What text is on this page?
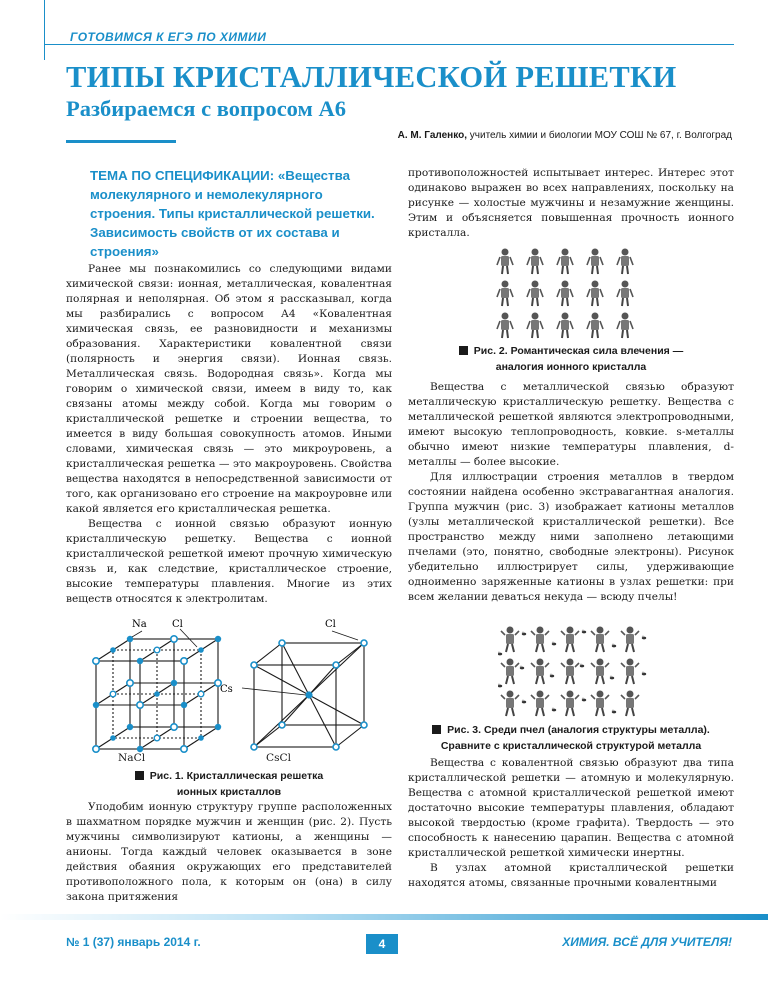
ГОТОВИМСЯ К ЕГЭ ПО ХИМИИ
ТИПЫ КРИСТАЛЛИЧЕСКОЙ РЕШЕТКИ
Разбираемся с вопросом А6
А. М. Галенко, учитель химии и биологии МОУ СОШ № 67, г. Волгоград
ТЕМА ПО СПЕЦИФИКАЦИИ: «Вещества молекулярного и немолекулярного строения. Типы кристаллической решетки. Зависимость свойств от их состава и строения»

Ранее мы познакомились со следующими видами химической связи: ионная, металлическая, ковалентная полярная и неполярная. Об этом я рассказывал, когда мы разбирались с вопросом А4 «Ковалентная химическая связь, ее разновидности и механизмы образования. Характеристики ковалентной связи (полярность и энергия связи). Ионная связь. Металлическая связь. Водородная связь». Когда мы говорим о химической связи, имеем в виду то, как связаны атомы между собой. Когда мы говорим о кристаллической решетке и строении вещества, то имеется в виду большая совокупность атомов. Иными словами, химическая связь — это микроуровень, а кристаллическая решетка — это макроуровень. Свойства вещества находятся в непосредственной зависимости от того, как организовано его строение на макроуровне или какой является его кристаллическая решетка.

Вещества с ионной связью образуют ионную кристаллическую решетку. Вещества с ионной кристаллической решеткой имеют прочную химическую связь и, как следствие, кристаллическое строение, высокие температуры плавления. Многие из этих веществ относятся к электролитам.

Na	Cl	Cl
Cs
NaCl	CsCl
Рис. 1. Кристаллическая решетка
ионных кристаллов

Уподобим ионную структуру группе расположенных в шахматном порядке мужчин и женщин (рис. 2). Пусть мужчины символизируют катионы, а женщины — анионы. Тогда каждый человек оказывается в зоне действия обаяния окружающих его представителей противоположного пола, к которым он (она) в силу закона притяжения

противоположностей испытывает интерес. Интерес этот одинаково выражен во всех направлениях, поскольку на рисунке — холостые мужчины и незамужние женщины. Этим и объясняется повышенная прочность ионного кристалла.

Рис. 2. Романтическая сила влечения —
аналогия ионного кристалла

Вещества с металлической связью образуют металлическую кристаллическую решетку. Вещества с металлической решеткой являются электропроводными, имеют высокую теплопроводность, ковкие. s-металлы обычно имеют низкие температуры плавления, d-металлы — более высокие.

Для иллюстрации строения металлов в твердом состоянии найдена особенно экстравагантная аналогия. Группа мужчин (рис. 3) изображает катионы металлов (узлы металлической кристаллической решетки). Все пространство между ними заполнено летающими пчелами (это, понятно, свободные электроны). Рисунок убедительно иллюстрирует силы, удерживающие одноименно заряженные катионы в узлах решетки: при всем желании деваться некуда — всюду пчелы!

Рис. 3. Среди пчел (аналогия структуры металла).
Сравните с кристаллической структурой металла

Вещества с ковалентной связью образуют два типа кристаллической решетки — атомную и молекулярную. Вещества с атомной кристаллической решеткой имеют достаточно высокие температуры плавления, обладают высокой твердостью (кроме графита). Твердость — это способность к нанесению царапин. Вещества с атомной кристаллической решеткой химически инертны.

В узлах атомной кристаллической решетки находятся атомы, связанные прочными ковалентными

№ 1 (37) январь 2014 г.	4	ХИМИЯ. ВСЁ ДЛЯ УЧИТЕЛЯ!
